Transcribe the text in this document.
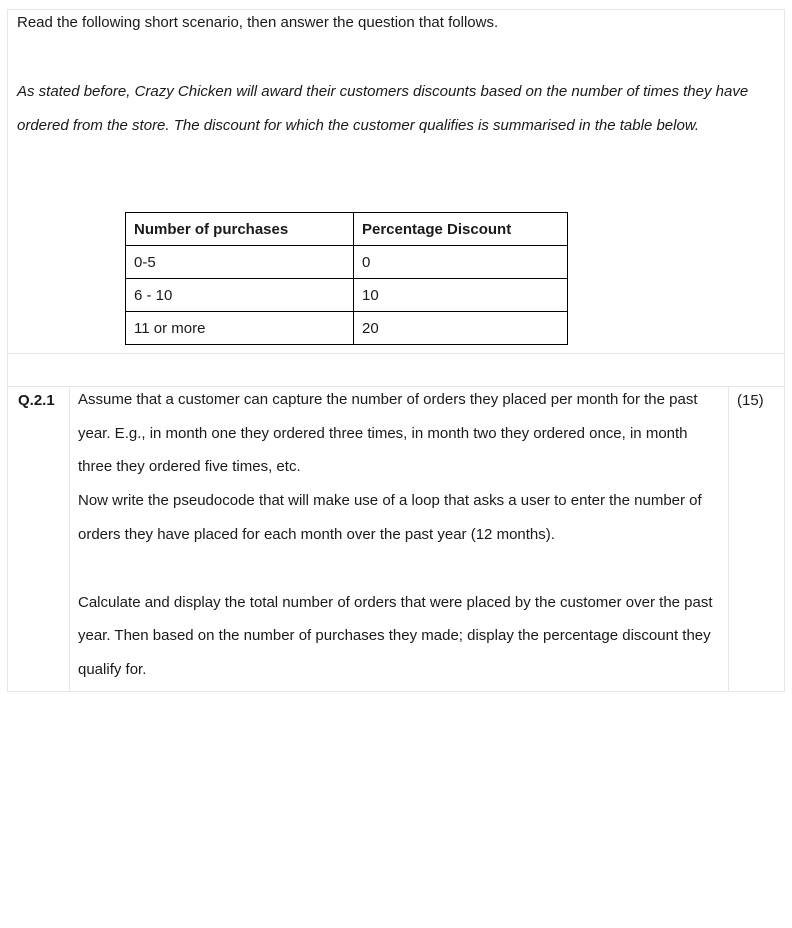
Read the following short scenario, then answer the question that follows.
As stated before, Crazy Chicken will award their customers discounts based on the number of times they have ordered from the store. The discount for which the customer qualifies is summarised in the table below.
Number of purchases	Percentage Discount
0-5	0
6 - 10	10
11 or more	20
Q.2.1 Assume that a customer can capture the number of orders they placed per month for the past year. E.g., in month one they ordered three times, in month two they ordered once, in month three they ordered five times, etc.

Now write the pseudocode that will make use of a loop that asks a user to enter the number of orders they have placed for each month over the past year (12 months).

Calculate and display the total number of orders that were placed by the customer over the past year. Then based on the number of purchases they made; display the percentage discount they qualify for.

(15)
